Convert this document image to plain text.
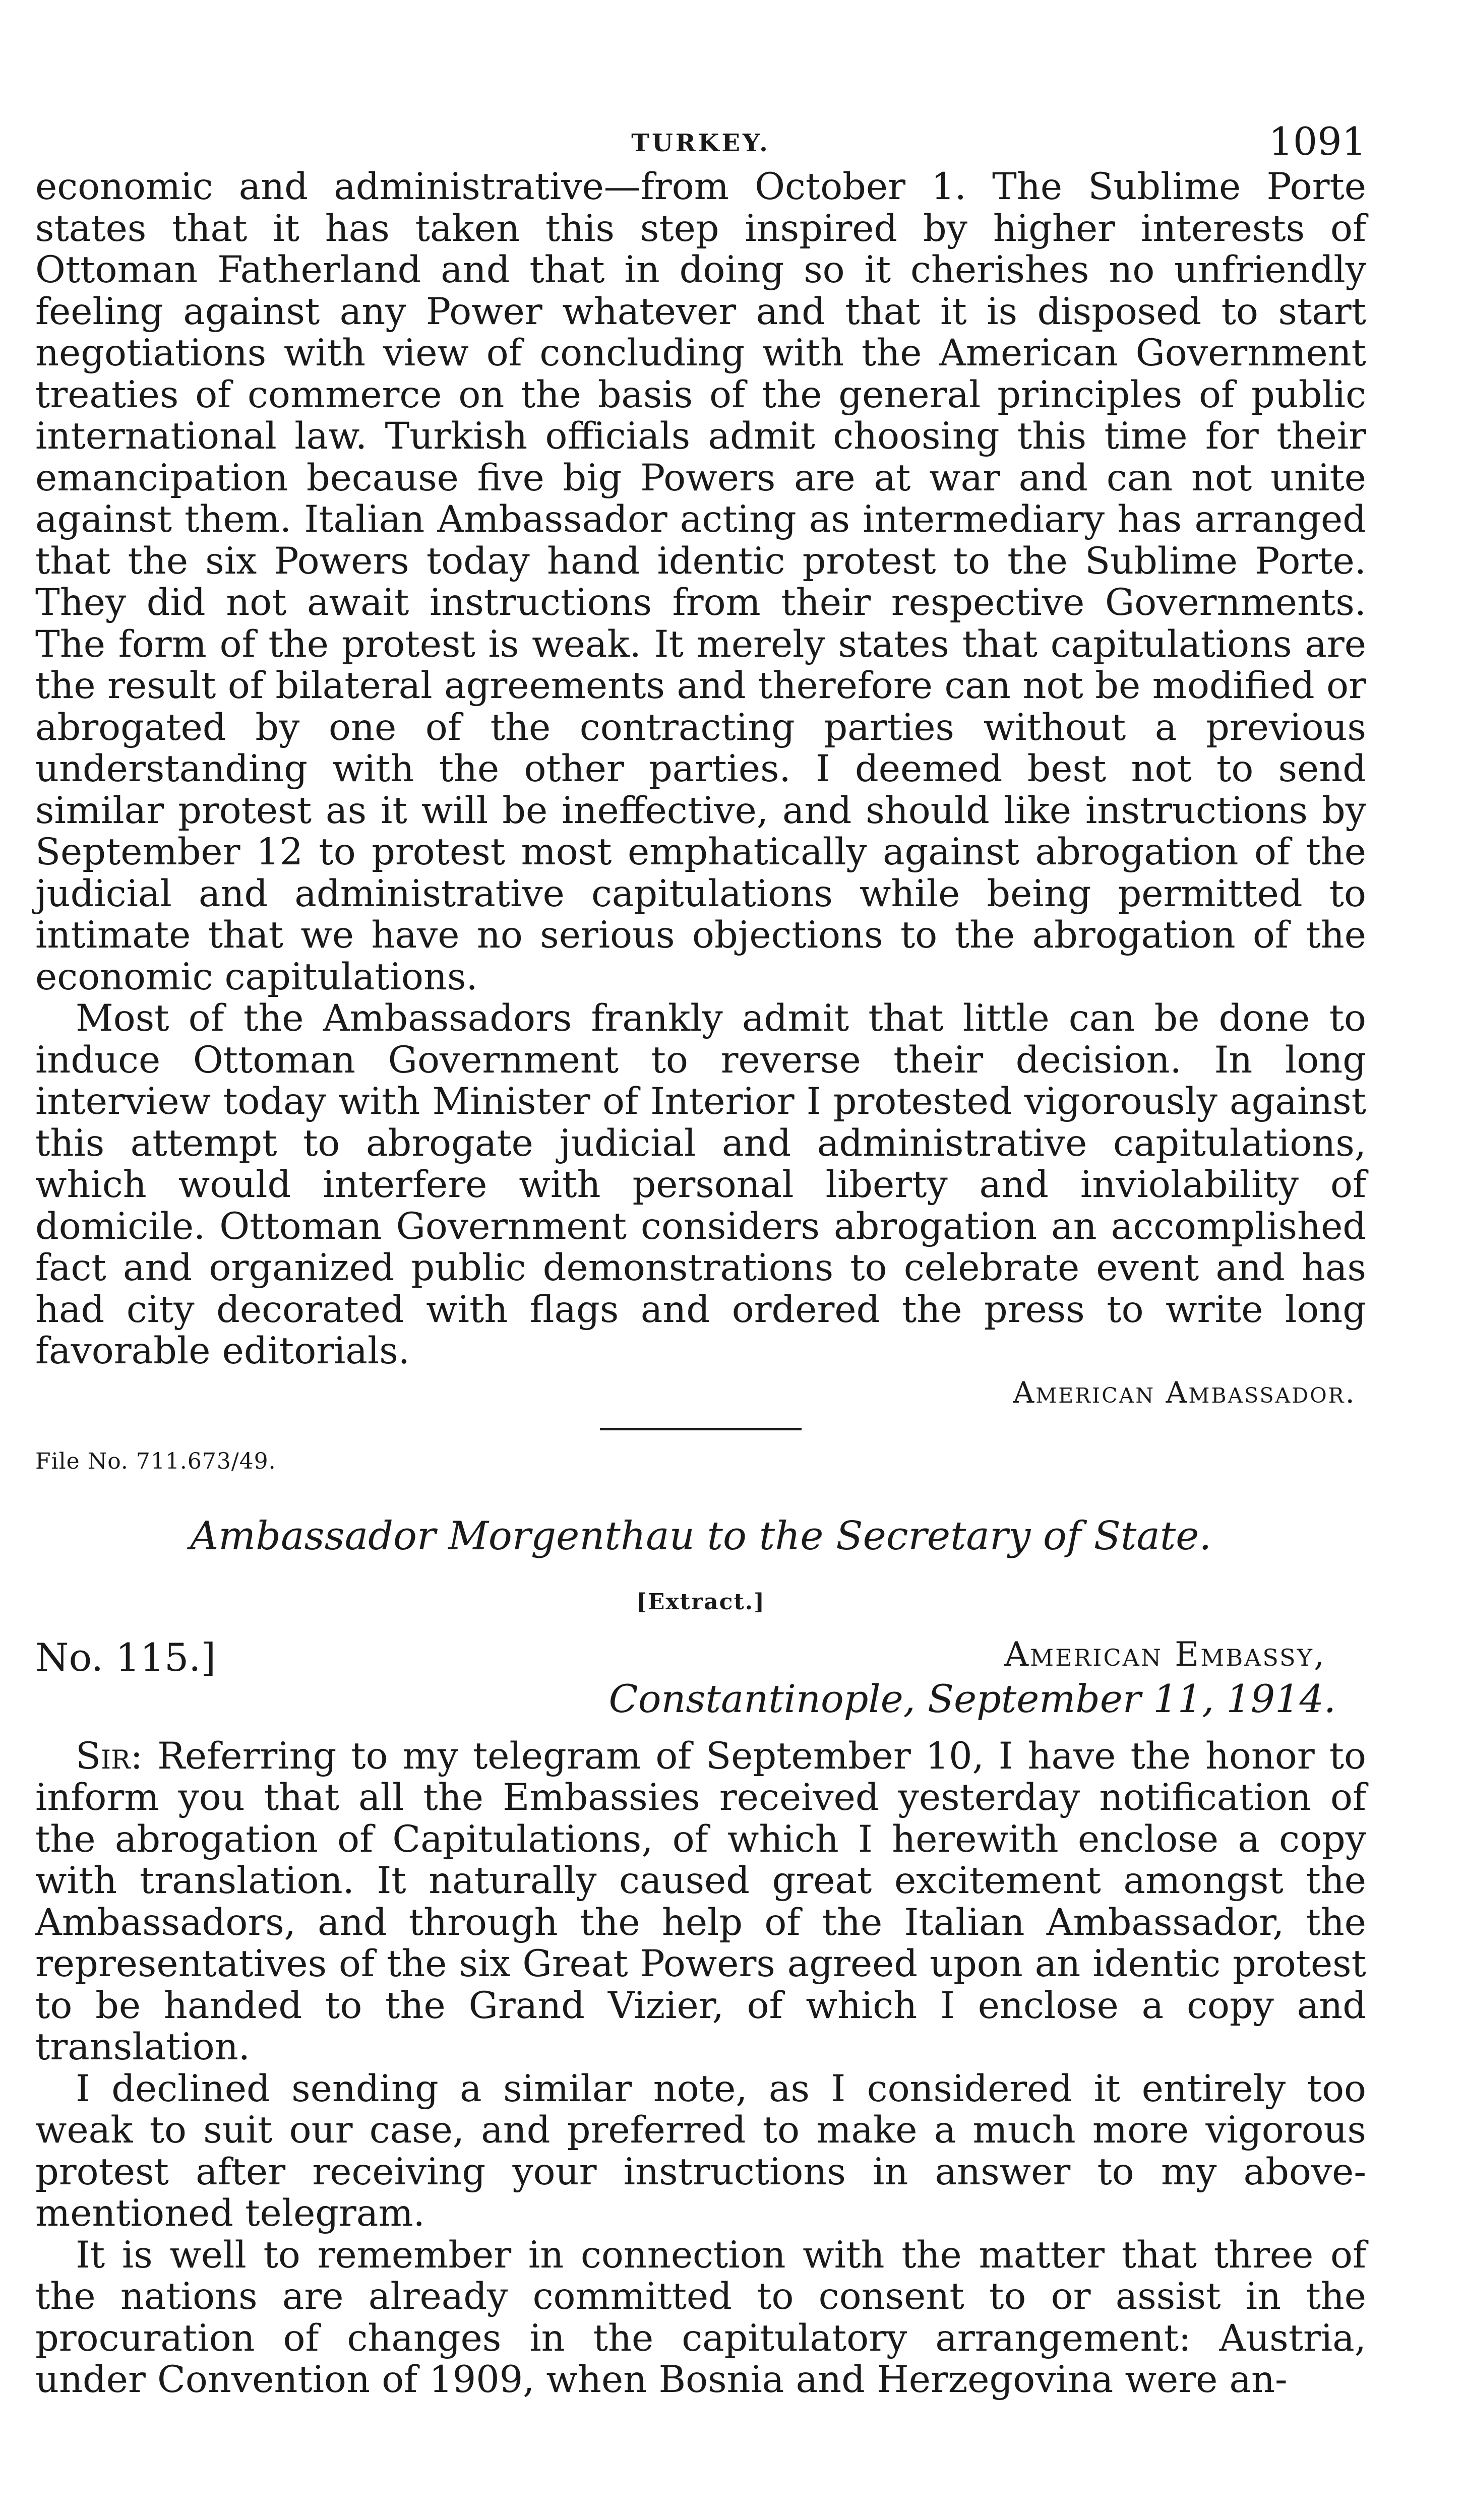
TURKEY.	1091

economic and administrative—from October 1. The Sublime Porte states that it has taken this step inspired by higher interests of Ottoman Fatherland and that in doing so it cherishes no unfriendly feeling against any Power whatever and that it is disposed to start negotiations with view of concluding with the American Government treaties of commerce on the basis of the general principles of public international law. Turkish officials admit choosing this time for their emancipation because five big Powers are at war and can not unite against them. Italian Ambassador acting as intermediary has arranged that the six Powers today hand identic protest to the Sublime Porte. They did not await instructions from their respective Governments. The form of the protest is weak. It merely states that capitulations are the result of bilateral agreements and therefore can not be modified or abrogated by one of the contracting parties without a previous understanding with the other parties. I deemed best not to send similar protest as it will be ineffective, and should like instructions by September 12 to protest most emphatically against abrogation of the judicial and administrative capitulations while being permitted to intimate that we have no serious objections to the abrogation of the economic capitulations.

Most of the Ambassadors frankly admit that little can be done to induce Ottoman Government to reverse their decision. In long interview today with Minister of Interior I protested vigorously against this attempt to abrogate judicial and administrative capitulations, which would interfere with personal liberty and inviolability of domicile. Ottoman Government considers abrogation an accomplished fact and organized public demonstrations to celebrate event and has had city decorated with flags and ordered the press to write long favorable editorials.

American Ambassador.
File No. 711.673/49.
Ambassador Morgenthau to the Secretary of State.
[Extract.]
No. 115.]	American Embassy,
Constantinople, September 11, 1914.

Sir: Referring to my telegram of September 10, I have the honor to inform you that all the Embassies received yesterday notification of the abrogation of Capitulations, of which I herewith enclose a copy with translation. It naturally caused great excitement amongst the Ambassadors, and through the help of the Italian Ambassador, the representatives of the six Great Powers agreed upon an identic protest to be handed to the Grand Vizier, of which I enclose a copy and translation.

I declined sending a similar note, as I considered it entirely too weak to suit our case, and preferred to make a much more vigorous protest after receiving your instructions in answer to my above-mentioned telegram.

It is well to remember in connection with the matter that three of the nations are already committed to consent to or assist in the procuration of changes in the capitulatory arrangement: Austria, under Convention of 1909, when Bosnia and Herzegovina were an-
